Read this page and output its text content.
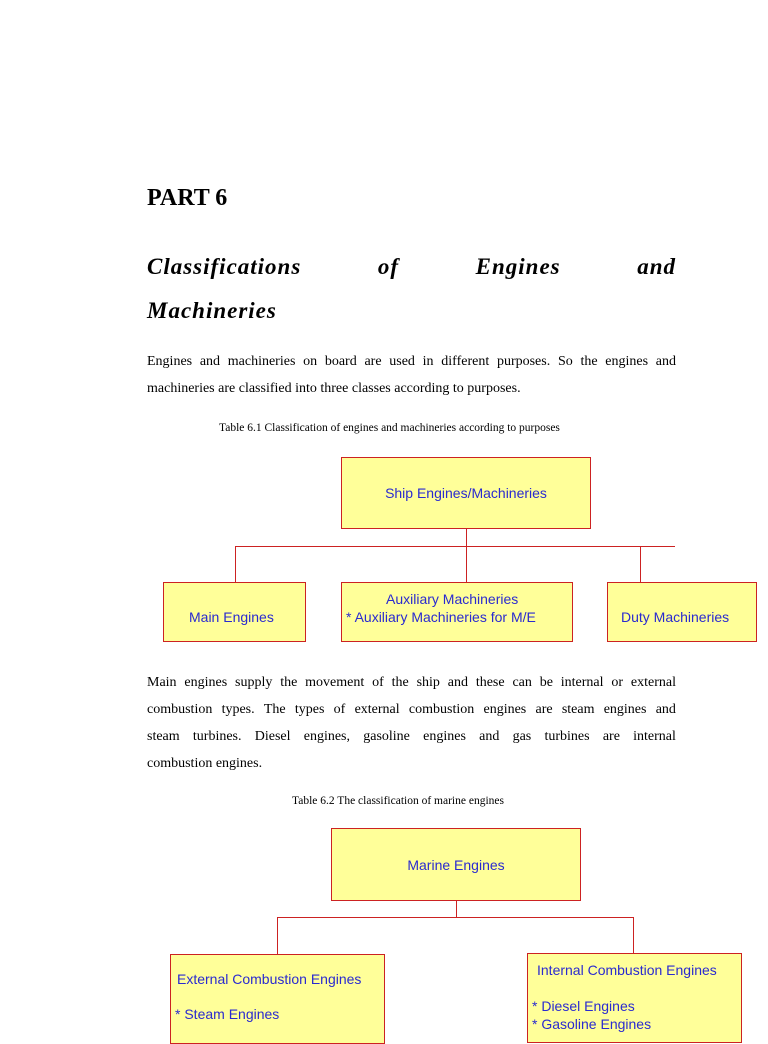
PART 6
Classifications	of	Engines	and
Machineries
Engines and machineries on board are used in different purposes. So the engines and
machineries are classified into three classes according to purposes.
Table 6.1 Classification of engines and machineries according to purposes
Ship Engines/Machineries
Main Engines
Auxiliary Machineries
* Auxiliary Machineries for M/E	Duty Machineries
Main engines supply the movement of the ship and these can be internal or external
combustion types. The types of external combustion engines are steam engines and
steam turbines. Diesel engines, gasoline engines and gas turbines are internal
combustion engines.
Table 6.2 The classification of marine engines
Marine Engines
External Combustion Engines
* Steam Engines
Internal Combustion Engines
* Diesel Engines
* Gasoline Engines
